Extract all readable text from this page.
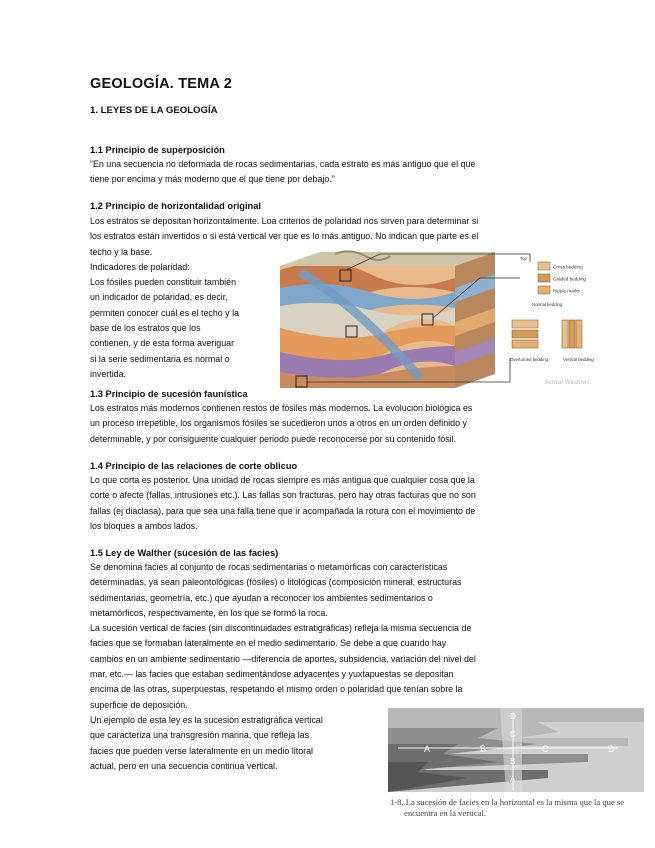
GEOLOGÍA. TEMA 2
1. LEYES DE LA GEOLOGÍA
1.1 Principio de superposición
“En una secuencia no deformada de rocas sedimentarias, cada estrato es más antiguo que el que
tiene por encima y más moderno que el que tiene por debajo.”
1.2 Principio de horizontalidad original
Los estratos se depositan horizontalmente. Loa criterios de polaridad nos sirven para determinar si
los estratos están invertidos o si está vertical ver que es lo más antiguo. No indican que parte es el
techo y la base.
Indicadores de polaridad:
Los fósiles pueden constituir también
un indicador de polaridad, es decir,
permiten conocer cuál es el techo y la
base de los estratos que los
contienen, y de esta forma averiguar
si la serie sedimentaria es normal o
invertida.
Cross bedding
Graded bedding
Ripple marks
Normal bedding
Top
Overturned bedding	Vertical bedding
Activar Windows
1.3 Principio de sucesión faunística
Los estratos más modernos contienen restos de fósiles más modernos. La evolución biológica es
un proceso irrepetible, los organismos fósiles se sucedieron unos a otros en un orden definido y
determinable, y por consiguiente cualquier periodo puede reconocerse por su contenido fósil.
1.4 Principio de las relaciones de corte oblicuo
Lo que corta es posterior. Una unidad de rocas siempre es más antigua que cualquier cosa que la
corte o afecte (fallas, intrusiones etc.). Las fallas son fracturas, pero hay otras facturas que no son
fallas (ej diaclasa), para que sea una falla tiene que ir acompañada la rotura con el movimiento de
los bloques a ambos lados.
1.5 Ley de Walther (sucesión de las facies)
Se denomina facies al conjunto de rocas sedimentarias o metamórficas con características
determinadas, ya sean paleontológicas (fósiles) o litológicas (composición mineral, estructuras
sedimentarias, geometría, etc.) que ayudan a reconocer los ambientes sedimentarios o
metamórficos, respectivamente, en los que se formó la roca.
La sucesión vertical de facies (sin discontinuidades estratigráficas) refleja la misma secuencia de
facies que se formaban lateralmente en el medio sedimentario. Se debe a que cuando hay
cambios en un ambiente sedimentario —diferencia de aportes, subsidencia, variación del nivel del
mar, etc.— las facies que estaban sedimentándose adyacentes y yuxtapuestas se depositan
encima de las otras, superpuestas, respetando el mismo orden o polaridad que tenían sobre la
superficie de deposición.
Un ejemplo de esta ley es la sucesión estratigráfica vertical
que caracteriza una transgresión marina, que refleja las
facies que pueden verse lateralmente en un medio litoral
actual, pero en una secuencia continua vertical.
A	B	C	D
D
C
B
A
1-8. La sucesión de facies en la horizontal es la misma que la que se
encuentra en la vertical.
